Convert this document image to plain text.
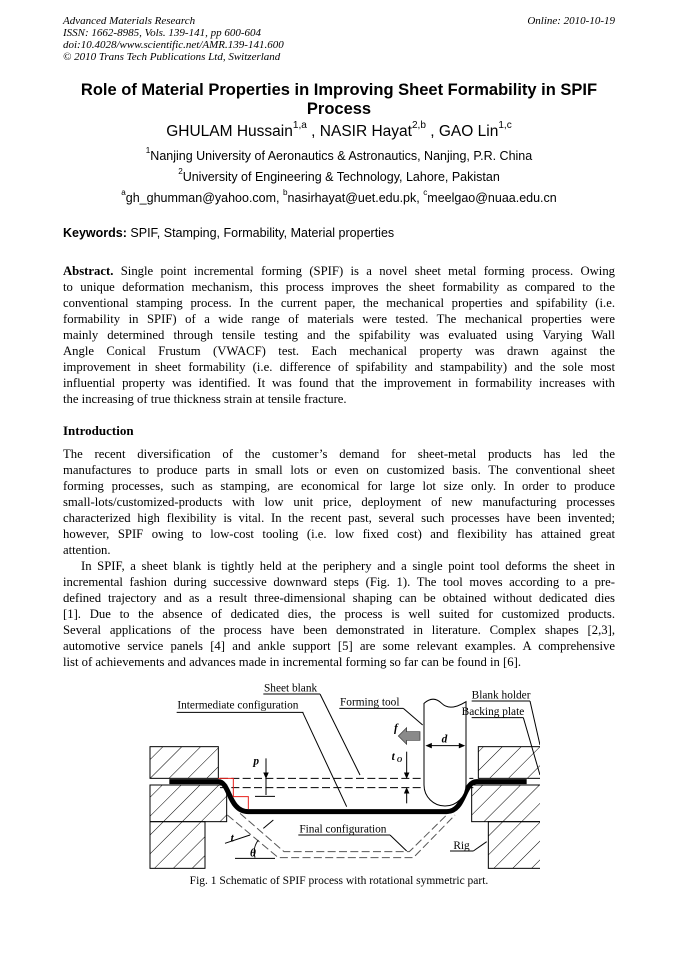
Advanced Materials Research
ISSN: 1662-8985, Vols. 139-141, pp 600-604
doi:10.4028/www.scientific.net/AMR.139-141.600
© 2010 Trans Tech Publications Ltd, Switzerland
Online: 2010-10-19
Role of Material Properties in Improving Sheet Formability in SPIF
Process
GHULAM Hussain$^{1,a}$ , NASIR Hayat$^{2,b}$ , GAO Lin$^{1,c}$
$^1$Nanjing University of Aeronautics & Astronautics, Nanjing, P.R. China
$^2$University of Engineering & Technology, Lahore, Pakistan
$^a$gh_ghumman@yahoo.com, $^b$nasirhayat@uet.edu.pk, $^c$meelgao@nuaa.edu.cn
Keywords: SPIF, Stamping, Formability, Material properties
Abstract. Single point incremental forming (SPIF) is a novel sheet metal forming process. Owing
to unique deformation mechanism, this process improves the sheet formability as compared to the
conventional stamping process. In the current paper, the mechanical properties and spifability (i.e.
formability in SPIF) of a wide range of materials were tested. The mechanical properties were
mainly determined through tensile testing and the spifability was evaluated using Varying Wall
Angle Conical Frustum (VWACF) test. Each mechanical property was drawn against the
improvement in sheet formability (i.e. difference of spifability and stampability) and the sole most
influential property was identified. It was found that the improvement in formability increases with
the increasing of true thickness strain at tensile fracture.
Introduction
The recent diversification of the customer’s demand for sheet-metal products has led the
manufactures to produce parts in small lots or even on customized basis. The conventional sheet
forming processes, such as stamping, are economical for large lot size only. In order to produce
small-lots/customized-products with low unit price, deployment of new manufacturing processes
characterized high flexibility is vital. In the recent past, several such processes have been invented;
however, SPIF owing to low-cost tooling (i.e. low fixed cost) and flexibility has attained great
attention.
In SPIF, a sheet blank is tightly held at the periphery and a single point tool deforms the sheet in
incremental fashion during successive downward steps (Fig. 1). The tool moves according to a pre-
defined trajectory and as a result three-dimensional shaping can be obtained without dedicated dies
[1]. Due to the absence of dedicated dies, the process is well suited for customized products.
Several applications of the process have been demonstrated in literature. Complex shapes [2,3],
automotive service panels [4] and ankle support [5] are some relevant examples. A comprehensive
list of achievements and advances made in incremental forming so far can be found in [6].
Sheet blank
Intermediate configuration Forming tool
Blank holder
Backing plate
Final configuration
Rig
f
d
p	tO
t
θ
Fig. 1 Schematic of SPIF process with rotational symmetric part.
